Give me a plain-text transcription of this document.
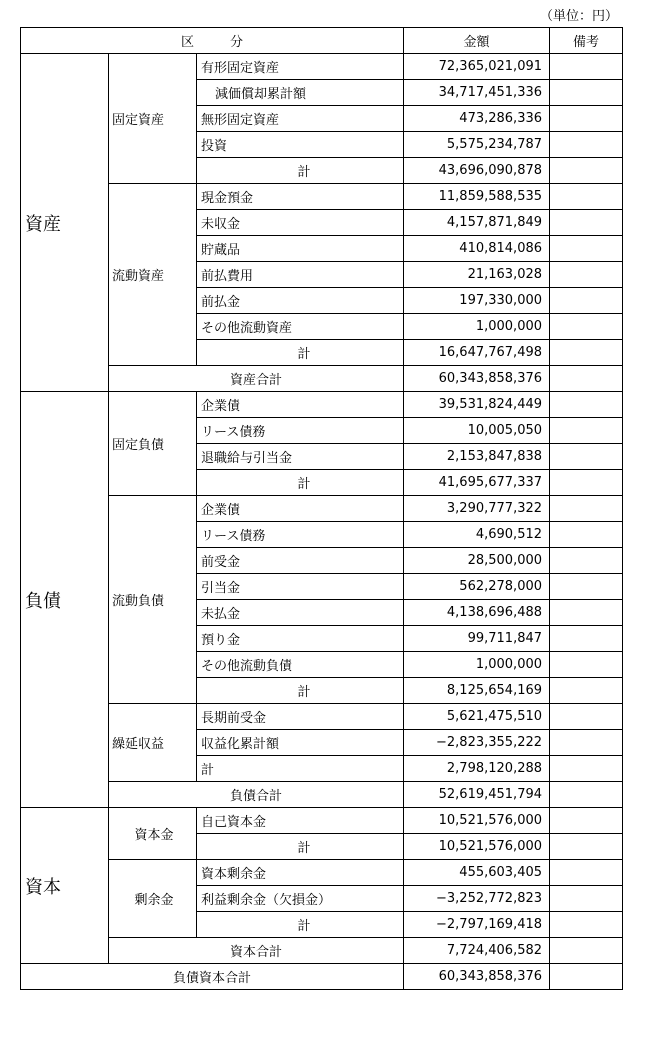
（単位：円）
区分			金額	備考
資産	固定資産	有形固定資産	72,365,021,091	
		減価償却累計額	34,717,451,336	
		無形固定資産	473,286,336	
		投資	5,575,234,787	
		計	43,696,090,878	
	流動資産	現金預金	11,859,588,535	
		未収金	4,157,871,849	
		貯蔵品	410,814,086	
		前払費用	21,163,028	
		前払金	197,330,000	
		その他流動資産	1,000,000	
		計	16,647,767,498	
	資産合計		60,343,858,376	
負債	固定負債	企業債	39,531,824,449	
		リース債務	10,005,050	
		退職給与引当金	2,153,847,838	
		計	41,695,677,337	
	流動負債	企業債	3,290,777,322	
		リース債務	4,690,512	
		前受金	28,500,000	
		引当金	562,278,000	
		未払金	4,138,696,488	
		預り金	99,711,847	
		その他流動負債	1,000,000	
		計	8,125,654,169	
	繰延収益	長期前受金	5,621,475,510	
		収益化累計額	−2,823,355,222	
		計	2,798,120,288	
	負債合計		52,619,451,794	
資本	資本金	自己資本金	10,521,576,000	
		計	10,521,576,000	
	剰余金	資本剰余金	455,603,405	
		利益剰余金（欠損金）	−3,252,772,823	
		計	−2,797,169,418	
	資本合計		7,724,406,582	
負債資本合計			60,343,858,376	
